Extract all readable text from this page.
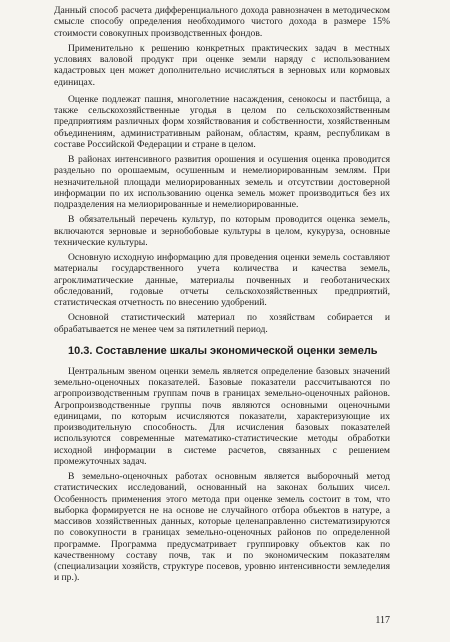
Данный способ расчета дифференциального дохода равнозначен в методическом смысле способу определения необходимого чистого дохода в размере 15% стоимости совокупных производственных фондов.

Применительно к решению конкретных практических задач в местных условиях валовой продукт при оценке земли наряду с использованием кадастровых цен может дополнительно исчисляться в зерновых или кормовых единицах.

Оценке подлежат пашня, многолетние насаждения, сенокосы и пастбища, а также сельскохозяйственные угодья в целом по сельскохозяйственным предприятиям различных форм хозяйствования и собственности, хозяйственным объединениям, административным районам, областям, краям, республикам в составе Российской Федерации и стране в целом.

В районах интенсивного развития орошения и осушения оценка проводится раздельно по орошаемым, осушенным и немелиорированным землям. При незначительной площади мелиорированных земель и отсутствии достоверной информации по их использованию оценка земель может производиться без их подразделения на мелиорированные и немелиорированные.

В обязательный перечень культур, по которым проводится оценка земель, включаются зерновые и зернобобовые культуры в целом, кукуруза, основные технические культуры.

Основную исходную информацию для проведения оценки земель составляют материалы государственного учета количества и качества земель, агроклиматические данные, материалы почвенных и геоботанических обследований, годовые отчеты сельскохозяйственных предприятий, статистическая отчетность по внесению удобрений.

Основной статистический материал по хозяйствам собирается и обрабатывается не менее чем за пятилетний период.

10.3. Составление шкалы экономической оценки земель

Центральным звеном оценки земель является определение базовых значений земельно-оценочных показателей. Базовые показатели рассчитываются по агропроизводственным группам почв в границах земельно-оценочных районов. Агропроизводственные группы почв являются основными оценочными единицами, по которым исчисляются показатели, характеризующие их производительную способность. Для исчисления базовых показателей используются современные математико-статистические методы обработки исходной информации в системе расчетов, связанных с решением промежуточных задач.

В земельно-оценочных работах основным является выборочный метод статистических исследований, основанный на законах больших чисел. Особенность применения этого метода при оценке земель состоит в том, что выборка формируется не на основе не случайного отбора объектов в натуре, а массивов хозяйственных данных, которые целенаправленно систематизируются по совокупности в границах земельно-оценочных районов по определенной программе. Программа предусматривает группировку объектов как по качественному составу почв, так и по экономическим показателям (специализации хозяйств, структуре посевов, уровню интенсивности земледелия и пр.).

117
